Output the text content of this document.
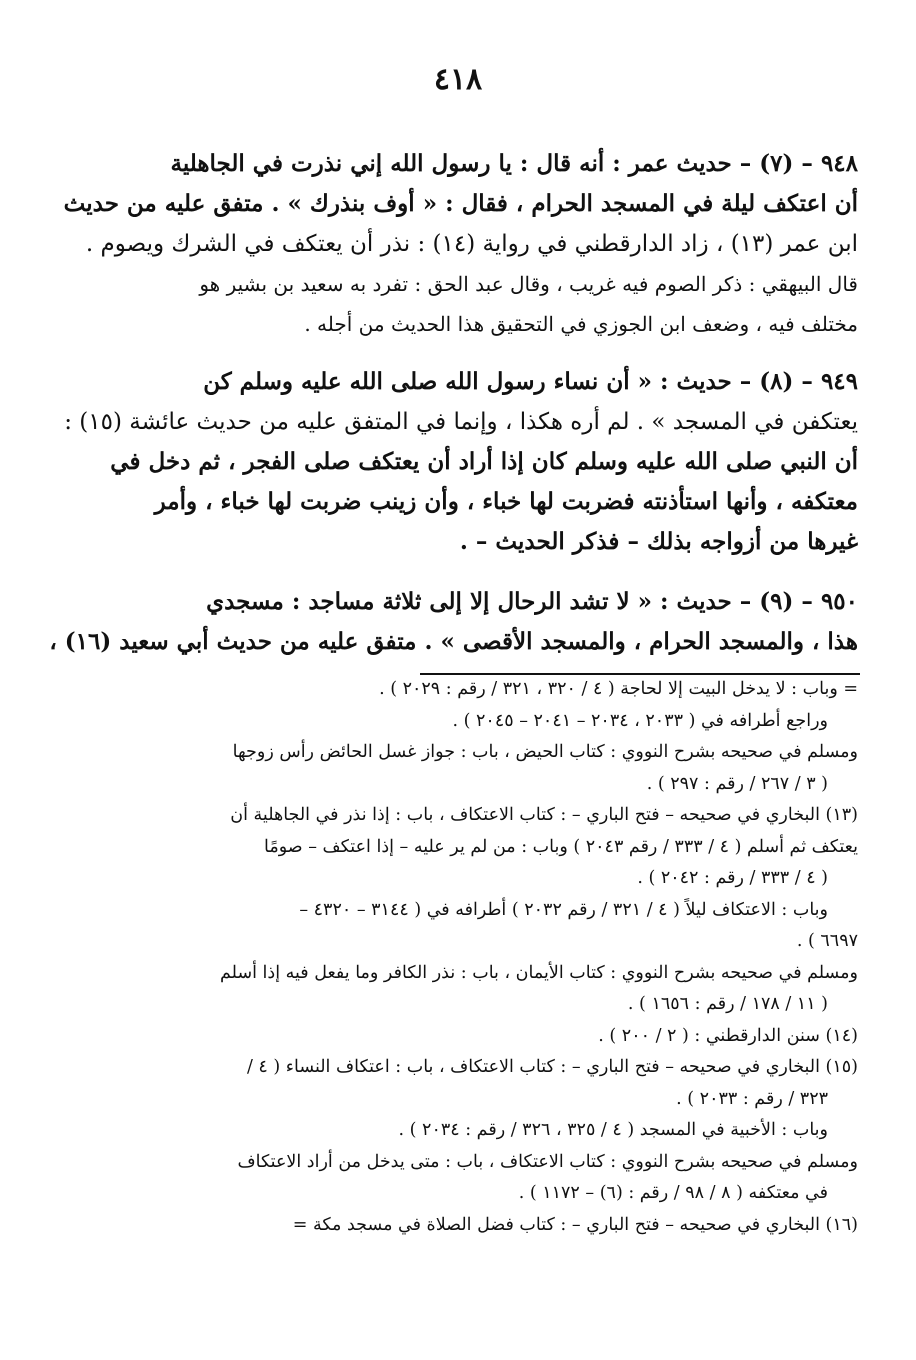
٤١٨

٩٤٨ – (٧) – حديث عمر : أنه قال : يا رسول الله إني نذرت في الجاهلية
أن اعتكف ليلة في المسجد الحرام ، فقال : « أوف بنذرك » . متفق عليه من حديث
ابن عمر (١٣) ، زاد الدارقطني في رواية (١٤) : نذر أن يعتكف في الشرك ويصوم .
قال البيهقي : ذكر الصوم فيه غريب ، وقال عبد الحق : تفرد به سعيد بن بشير هو
مختلف فيه ، وضعف ابن الجوزي في التحقيق هذا الحديث من أجله .

٩٤٩ – (٨) – حديث : « أن نساء رسول الله صلى الله عليه وسلم كن
يعتكفن في المسجد » . لم أره هكذا ، وإنما في المتفق عليه من حديث عائشة (١٥) :
أن النبي صلى الله عليه وسلم كان إذا أراد أن يعتكف صلى الفجر ، ثم دخل في
معتكفه ، وأنها استأذنته فضربت لها خباء ، وأن زينب ضربت لها خباء ، وأمر
غيرها من أزواجه بذلك – فذكر الحديث – .

٩٥٠ – (٩) – حديث : « لا تشد الرحال إلا إلى ثلاثة مساجد : مسجدي
هذا ، والمسجد الحرام ، والمسجد الأقصى » . متفق عليه من حديث أبي سعيد (١٦) ،

= وباب : لا يدخل البيت إلا لحاجة ( ٤ / ٣٢٠ ، ٣٢١ / رقم : ٢٠٢٩ ) .
وراجع أطرافه في ( ٢٠٣٣ ، ٢٠٣٤ – ٢٠٤١ – ٢٠٤٥ ) .
ومسلم في صحيحه بشرح النووي : كتاب الحيض ، باب : جواز غسل الحائض رأس زوجها
( ٣ / ٢٦٧ / رقم : ٢٩٧ ) .
(١٣) البخاري في صحيحه – فتح الباري – : كتاب الاعتكاف ، باب : إذا نذر في الجاهلية أن
يعتكف ثم أسلم ( ٤ / ٣٣٣ / رقم ٢٠٤٣ ) وباب : من لم ير عليه – إذا اعتكف – صومًا
( ٤ / ٣٣٣ / رقم : ٢٠٤٢ ) .
وباب : الاعتكاف ليلاً ( ٤ / ٣٢١ / رقم ٢٠٣٢ ) أطرافه في ( ٣١٤٤ – ٤٣٢٠ –
٦٦٩٧ ) .
ومسلم في صحيحه بشرح النووي : كتاب الأيمان ، باب : نذر الكافر وما يفعل فيه إذا أسلم
( ١١ / ١٧٨ / رقم : ١٦٥٦ ) .
(١٤) سنن الدارقطني : ( ٢ / ٢٠٠ ) .
(١٥) البخاري في صحيحه – فتح الباري – : كتاب الاعتكاف ، باب : اعتكاف النساء ( ٤ /
٣٢٣ / رقم : ٢٠٣٣ ) .
وباب : الأخبية في المسجد ( ٤ / ٣٢٥ ، ٣٢٦ / رقم : ٢٠٣٤ ) .
ومسلم في صحيحه بشرح النووي : كتاب الاعتكاف ، باب : متى يدخل من أراد الاعتكاف
في معتكفه ( ٨ / ٩٨ / رقم : (٦) – ١١٧٢ ) .
(١٦) البخاري في صحيحه – فتح الباري – : كتاب فضل الصلاة في مسجد مكة =
